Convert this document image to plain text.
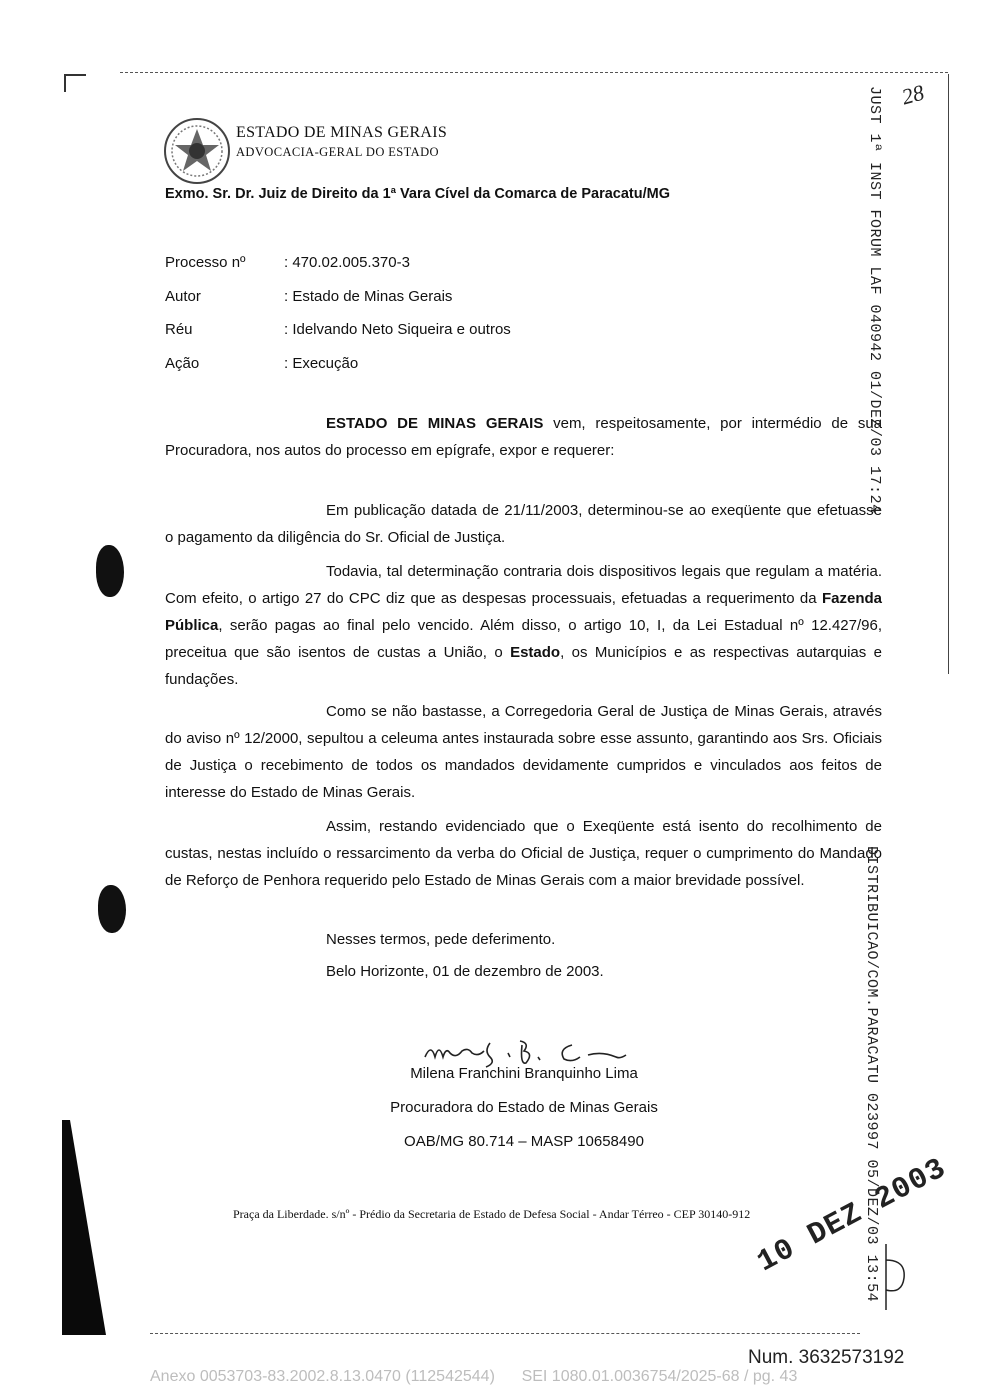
ESTADO DE MINAS GERAIS
ADVOCACIA-GERAL DO ESTADO
Exmo. Sr. Dr. Juiz de Direito da 1ª Vara Cível da Comarca de Paracatu/MG
Processo nº	: 470.02.005.370-3
Autor	: Estado de Minas Gerais
Réu	: Idelvando Neto Siqueira e outros
Ação	: Execução

ESTADO DE MINAS GERAIS vem, respeitosamente, por intermédio de sua Procuradora, nos autos do processo em epígrafe, expor e requerer:

Em publicação datada de 21/11/2003, determinou-se ao exeqüente que efetuasse o pagamento da diligência do Sr. Oficial de Justiça.

Todavia, tal determinação contraria dois dispositivos legais que regulam a matéria. Com efeito, o artigo 27 do CPC diz que as despesas processuais, efetuadas a requerimento da Fazenda Pública, serão pagas ao final pelo vencido. Além disso, o artigo 10, I, da Lei Estadual nº 12.427/96, preceitua que são isentos de custas a União, o Estado, os Municípios e as respectivas autarquias e fundações.

Como se não bastasse, a Corregedoria Geral de Justiça de Minas Gerais, através do aviso nº 12/2000, sepultou a celeuma antes instaurada sobre esse assunto, garantindo aos Srs. Oficiais de Justiça o recebimento de todos os mandados devidamente cumpridos e vinculados aos feitos de interesse do Estado de Minas Gerais.

Assim, restando evidenciado que o Exeqüente está isento do recolhimento de custas, nestas incluído o ressarcimento da verba do Oficial de Justiça, requer o cumprimento do Mandado de Reforço de Penhora requerido pelo Estado de Minas Gerais com a maior brevidade possível.

Nesses termos, pede deferimento.
Belo Horizonte, 01 de dezembro de 2003.
Milena Franchini Branquinho Lima
Procuradora do Estado de Minas Gerais
OAB/MG 80.714 – MASP 10658490
Praça da Liberdade. s/nº - Prédio da Secretaria de Estado de Defesa Social - Andar Térreo - CEP 30140-912
JUST 1ª INST FORUM LAF 040942 01/DEZ/03 17:24
DISTRIBUICAO/COM.PARACATU 023997 05/DEZ/03 13:54
10 DEZ 2003
28
Num. 3632573192
Anexo 0053703-83.2002.8.13.0470 (112542544)      SEI 1080.01.0036754/2025-68 / pg. 43
